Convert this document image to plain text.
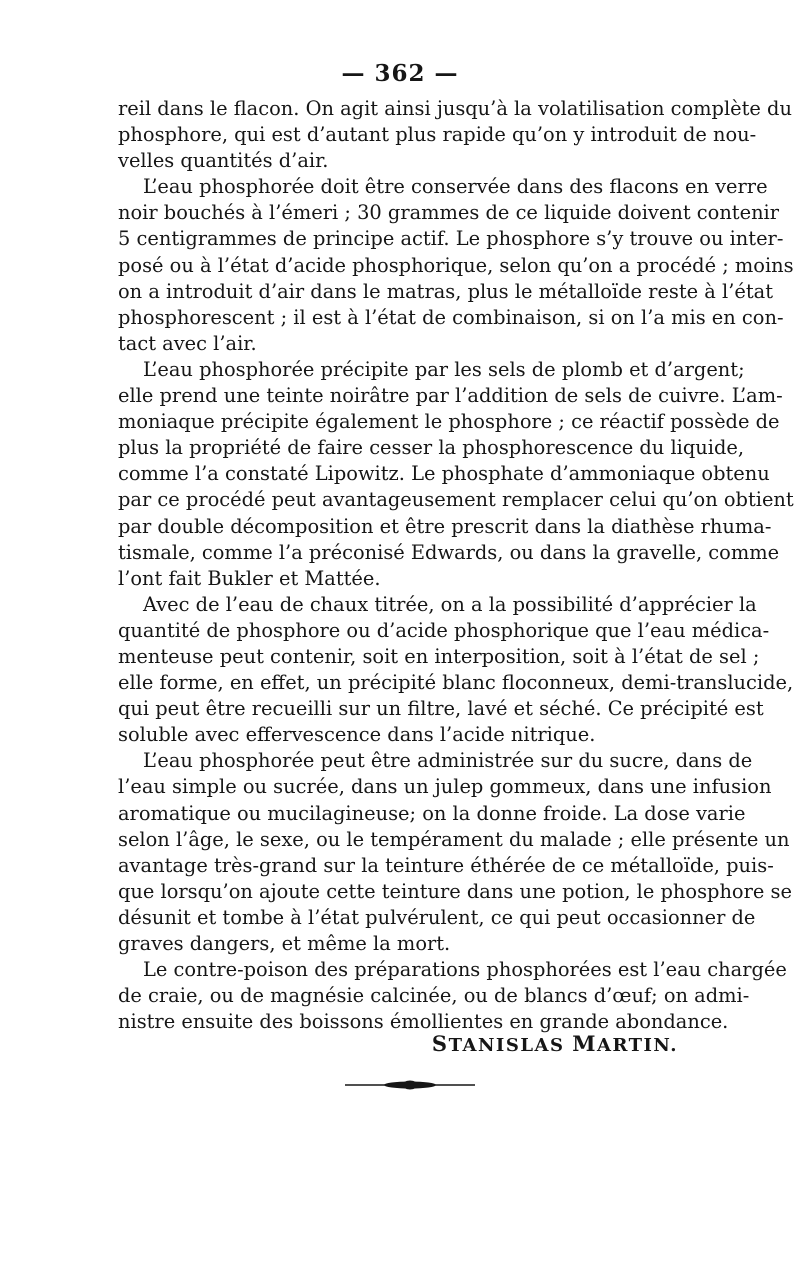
— 362 —
reil dans le flacon. On agit ainsi jusqu’à la volatilisation complète du
phosphore, qui est d’autant plus rapide qu’on y introduit de nou-
velles quantités d’air.
L’eau phosphorée doit être conservée dans des flacons en verre
noir bouchés à l’émeri ; 30 grammes de ce liquide doivent contenir
5 centigrammes de principe actif. Le phosphore s’y trouve ou inter-
posé ou à l’état d’acide phosphorique, selon qu’on a procédé ; moins
on a introduit d’air dans le matras, plus le métalloïde reste à l’état
phosphorescent ; il est à l’état de combinaison, si on l’a mis en con-
tact avec l’air.
L’eau phosphorée précipite par les sels de plomb et d’argent;
elle prend une teinte noirâtre par l’addition de sels de cuivre. L’am-
moniaque précipite également le phosphore ; ce réactif possède de
plus la propriété de faire cesser la phosphorescence du liquide,
comme l’a constaté Lipowitz. Le phosphate d’ammoniaque obtenu
par ce procédé peut avantageusement remplacer celui qu’on obtient
par double décomposition et être prescrit dans la diathèse rhuma-
tismale, comme l’a préconisé Edwards, ou dans la gravelle, comme
l’ont fait Bukler et Mattée.
Avec de l’eau de chaux titrée, on a la possibilité d’apprécier la
quantité de phosphore ou d’acide phosphorique que l’eau médica-
menteuse peut contenir, soit en interposition, soit à l’état de sel ;
elle forme, en effet, un précipité blanc floconneux, demi-translucide,
qui peut être recueilli sur un filtre, lavé et séché. Ce précipité est
soluble avec effervescence dans l’acide nitrique.
L’eau phosphorée peut être administrée sur du sucre, dans de
l’eau simple ou sucrée, dans un julep gommeux, dans une infusion
aromatique ou mucilagineuse; on la donne froide. La dose varie
selon l’âge, le sexe, ou le tempérament du malade ; elle présente un
avantage très-grand sur la teinture éthérée de ce métalloïde, puis-
que lorsqu’on ajoute cette teinture dans une potion, le phosphore se
désunit et tombe à l’état pulvérulent, ce qui peut occasionner de
graves dangers, et même la mort.
Le contre-poison des préparations phosphorées est l’eau chargée
de craie, ou de magnésie calcinée, ou de blancs d’œuf; on admi-
nistre ensuite des boissons émollientes en grande abondance.
STANISLAS MARTIN.
